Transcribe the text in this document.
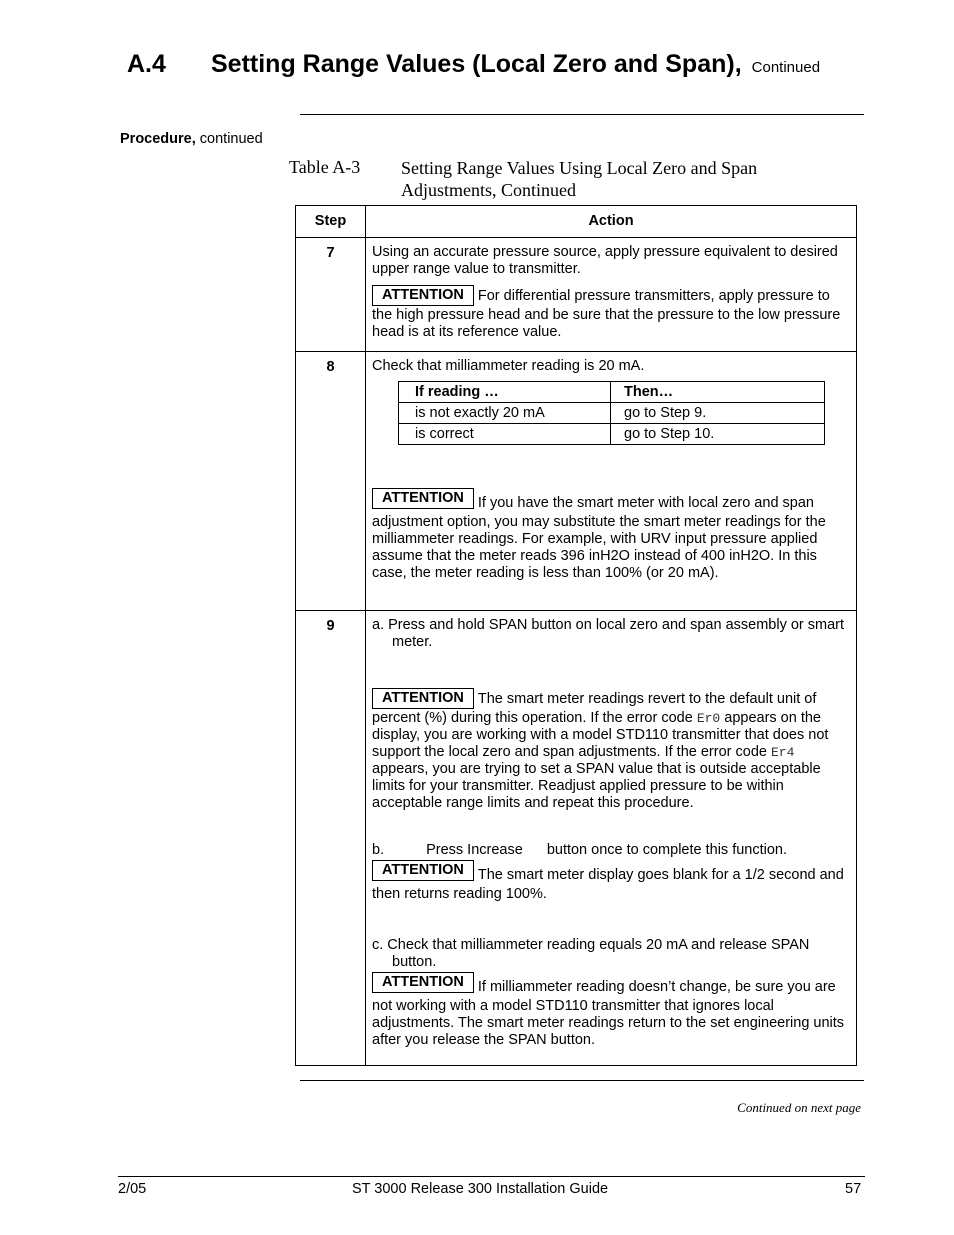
A.4 Setting Range Values (Local Zero and Span), Continued
Procedure, continued
Table A-3 Setting Range Values Using Local Zero and Span Adjustments, Continued
Step	Action
7	Using an accurate pressure source, apply pressure equivalent to desired upper range value to transmitter.

ATTENTION For differential pressure transmitters, apply pressure to the high pressure head and be sure that the pressure to the low pressure head is at its reference value.

8	Check that milliammeter reading is 20 mA.

If reading …	Then…
is not exactly 20 mA	go to Step 9.
is correct	go to Step 10.

ATTENTION If you have the smart meter with local zero and span adjustment option, you may substitute the smart meter readings for the milliammeter readings. For example, with URV input pressure applied assume that the meter reads 396 inH2O instead of 400 inH2O. In this case, the meter reading is less than 100% (or 20 mA).

9	a. Press and hold SPAN button on local zero and span assembly or smart meter.

ATTENTION The smart meter readings revert to the default unit of percent (%) during this operation. If the error code Er0 appears on the display, you are working with a model STD110 transmitter that does not support the local zero and span adjustments. If the error code Er4 appears, you are trying to set a SPAN value that is outside acceptable limits for your transmitter. Readjust applied pressure to be within acceptable range limits and repeat this procedure.

b.	Press Increase button once to complete this function.

ATTENTION The smart meter display goes blank for a 1/2 second and then returns reading 100%.

c. Check that milliammeter reading equals 20 mA and release SPAN button.

ATTENTION If milliammeter reading doesn’t change, be sure you are not working with a model STD110 transmitter that ignores local adjustments. The smart meter readings return to the set engineering units after you release the SPAN button.

Continued on next page
2/05	ST 3000 Release 300 Installation Guide	57
